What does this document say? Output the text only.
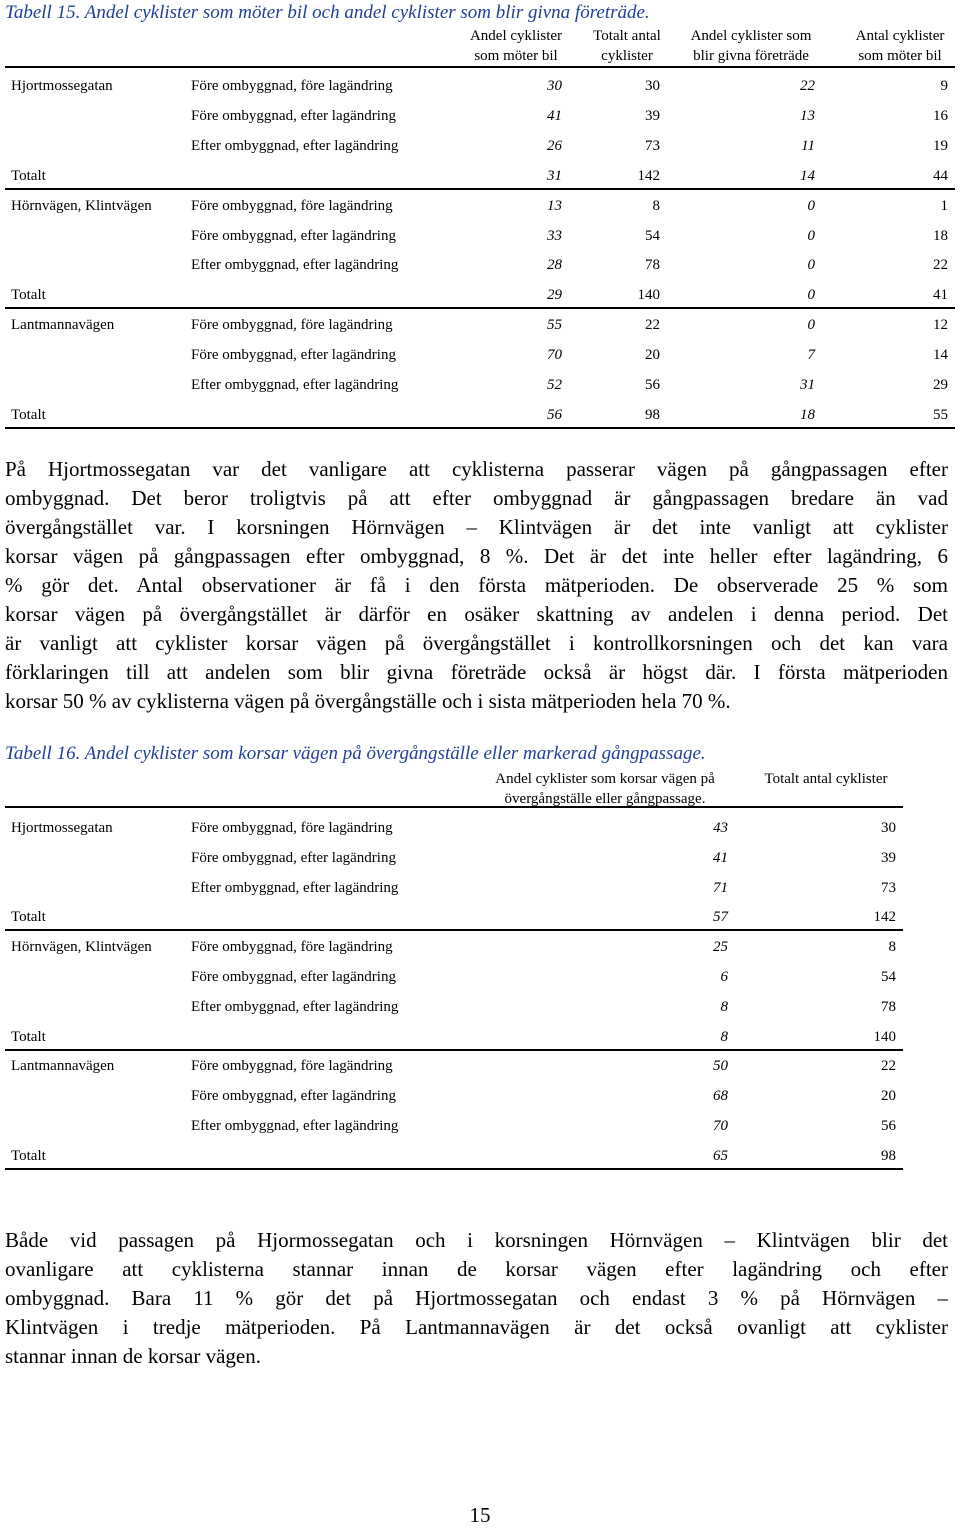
Tabell 15. Andel cyklister som möter bil och andel cyklister som blir givna företräde.
Andel cyklister
som möter bil
Totalt antal
cyklister
Andel cyklister som
blir givna företräde
Antal cyklister
som möter bil
Hjortmossegatan	Före ombyggnad, före lagändring	30	30	22	9
Före ombyggnad, efter lagändring	41	39	13	16
Efter ombyggnad, efter lagändring	26	73	11	19
Totalt	31	142	14	44
Hörnvägen, Klintvägen	Före ombyggnad, före lagändring	13	8	0	1
Före ombyggnad, efter lagändring	33	54	0	18
Efter ombyggnad, efter lagändring	28	78	0	22
Totalt	29	140	0	41
Lantmannavägen	Före ombyggnad, före lagändring	55	22	0	12
Före ombyggnad, efter lagändring	70	20	7	14
Efter ombyggnad, efter lagändring	52	56	31	29
Totalt	56	98	18	55
På Hjortmossegatan var det vanligare att cyklisterna passerar vägen på gångpassagen efter
ombyggnad. Det beror troligtvis på att efter ombyggnad är gångpassagen bredare än vad
övergångstället var. I korsningen Hörnvägen – Klintvägen är det inte vanligt att cyklister
korsar vägen på gångpassagen efter ombyggnad, 8 %. Det är det inte heller efter lagändring, 6
% gör det. Antal observationer är få i den första mätperioden. De observerade 25 % som
korsar vägen på övergångstället är därför en osäker skattning av andelen i denna period. Det
är vanligt att cyklister korsar vägen på övergångstället i kontrollkorsningen och det kan vara
förklaringen till att andelen som blir givna företräde också är högst där. I första mätperioden
korsar 50 % av cyklisterna vägen på övergångställe och i sista mätperioden hela 70 %.
Tabell 16. Andel cyklister som korsar vägen på övergångställe eller markerad gångpassage.
Andel cyklister som korsar vägen på
övergångställe eller gångpassage.
Totalt antal cyklister
Hjortmossegatan	Före ombyggnad, före lagändring	43	30
Före ombyggnad, efter lagändring	41	39
Efter ombyggnad, efter lagändring	71	73
Totalt	57	142
Hörnvägen, Klintvägen	Före ombyggnad, före lagändring	25	8
Före ombyggnad, efter lagändring	6	54
Efter ombyggnad, efter lagändring	8	78
Totalt	8	140
Lantmannavägen	Före ombyggnad, före lagändring	50	22
Före ombyggnad, efter lagändring	68	20
Efter ombyggnad, efter lagändring	70	56
Totalt	65	98
Både vid passagen på Hjormossegatan och i korsningen Hörnvägen – Klintvägen blir det
ovanligare att cyklisterna stannar innan de korsar vägen efter lagändring och efter
ombyggnad. Bara 11 % gör det på Hjortmossegatan och endast 3 % på Hörnvägen –
Klintvägen i tredje mätperioden. På Lantmannavägen är det också ovanligt att cyklister
stannar innan de korsar vägen.
15
